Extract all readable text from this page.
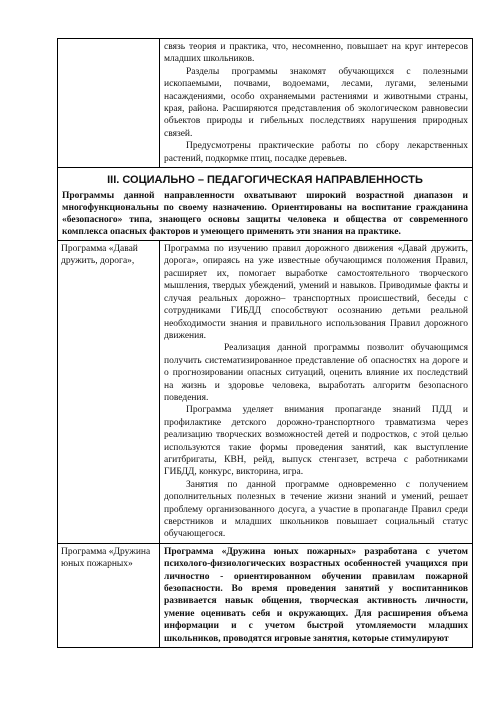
связь теория и практика, что, несомненно, повышает на круг интересов младших школьников.

Разделы программы знакомят обучающихся с полезными ископаемыми, почвами, водоемами, лесами, лугами, зелеными насаждениями, особо охраняемыми растениями и животными страны, края, района. Расширяются представления об экологическом равновесии объектов природы и гибельных последствиях нарушения природных связей.

Предусмотрены практические работы по сбору лекарственных растений, подкормке птиц, посадке деревьев.

III. СОЦИАЛЬНО – ПЕДАГОГИЧЕСКАЯ НАПРАВЛЕННОСТЬ
Программы данной направленности охватывают широкий возрастной диапазон и многофункциональны по своему назначению. Ориентированы на воспитание гражданина «безопасного» типа, знающего основы защиты человека и общества от современного комплекса опасных факторов и умеющего применять эти знания на практике.
Программа «Давай дружить, дорога»,

Программа по изучению правил дорожного движения «Давай дружить, дорога», опираясь на уже известные обучающимся положения Правил, расширяет их, помогает выработке самостоятельного творческого мышления, твердых убеждений, умений и навыков. Приводимые факты и случая реальных дорожно– транспортных происшествий, беседы с сотрудниками ГИБДД способствуют осознанию детьми реальной необходимости знания и правильного использования Правил дорожного движения.

Реализация данной программы позволит обучающимся получить систематизированное представление об опасностях на дороге и о прогнозировании опасных ситуаций, оценить влияние их последствий на жизнь и здоровье человека, выработать алгоритм безопасного поведения.

Программа уделяет внимания пропаганде знаний ПДД и профилактике детского дорожно-транспортного травматизма через реализацию творческих возможностей детей и подростков, с этой целью используются такие формы проведения занятий, как выступление агитбригаты, КВН, рейд, выпуск стенгазет, встреча с работниками ГИБДД, конкурс, викторина, игра.

Занятия по данной программе одновременно с получением дополнительных полезных в течение жизни знаний и умений, решает проблему организованного досуга, а участие в пропаганде Правил среди сверстников и младших школьников повышает социальный статус обучающегося.

Программа «Дружина юных пожарных»

Программа «Дружина юных пожарных» разработана с учетом психолого-физиологических возрастных особенностей учащихся при личностно - ориентированном обучении правилам пожарной безопасности. Во время проведения занятий у воспитанников развивается навык общения, творческая активность личности, умение оценивать себя и окружающих. Для расширения объема информации и с учетом быстрой утомляемости младших школьников, проводятся игровые занятия, которые стимулируют
